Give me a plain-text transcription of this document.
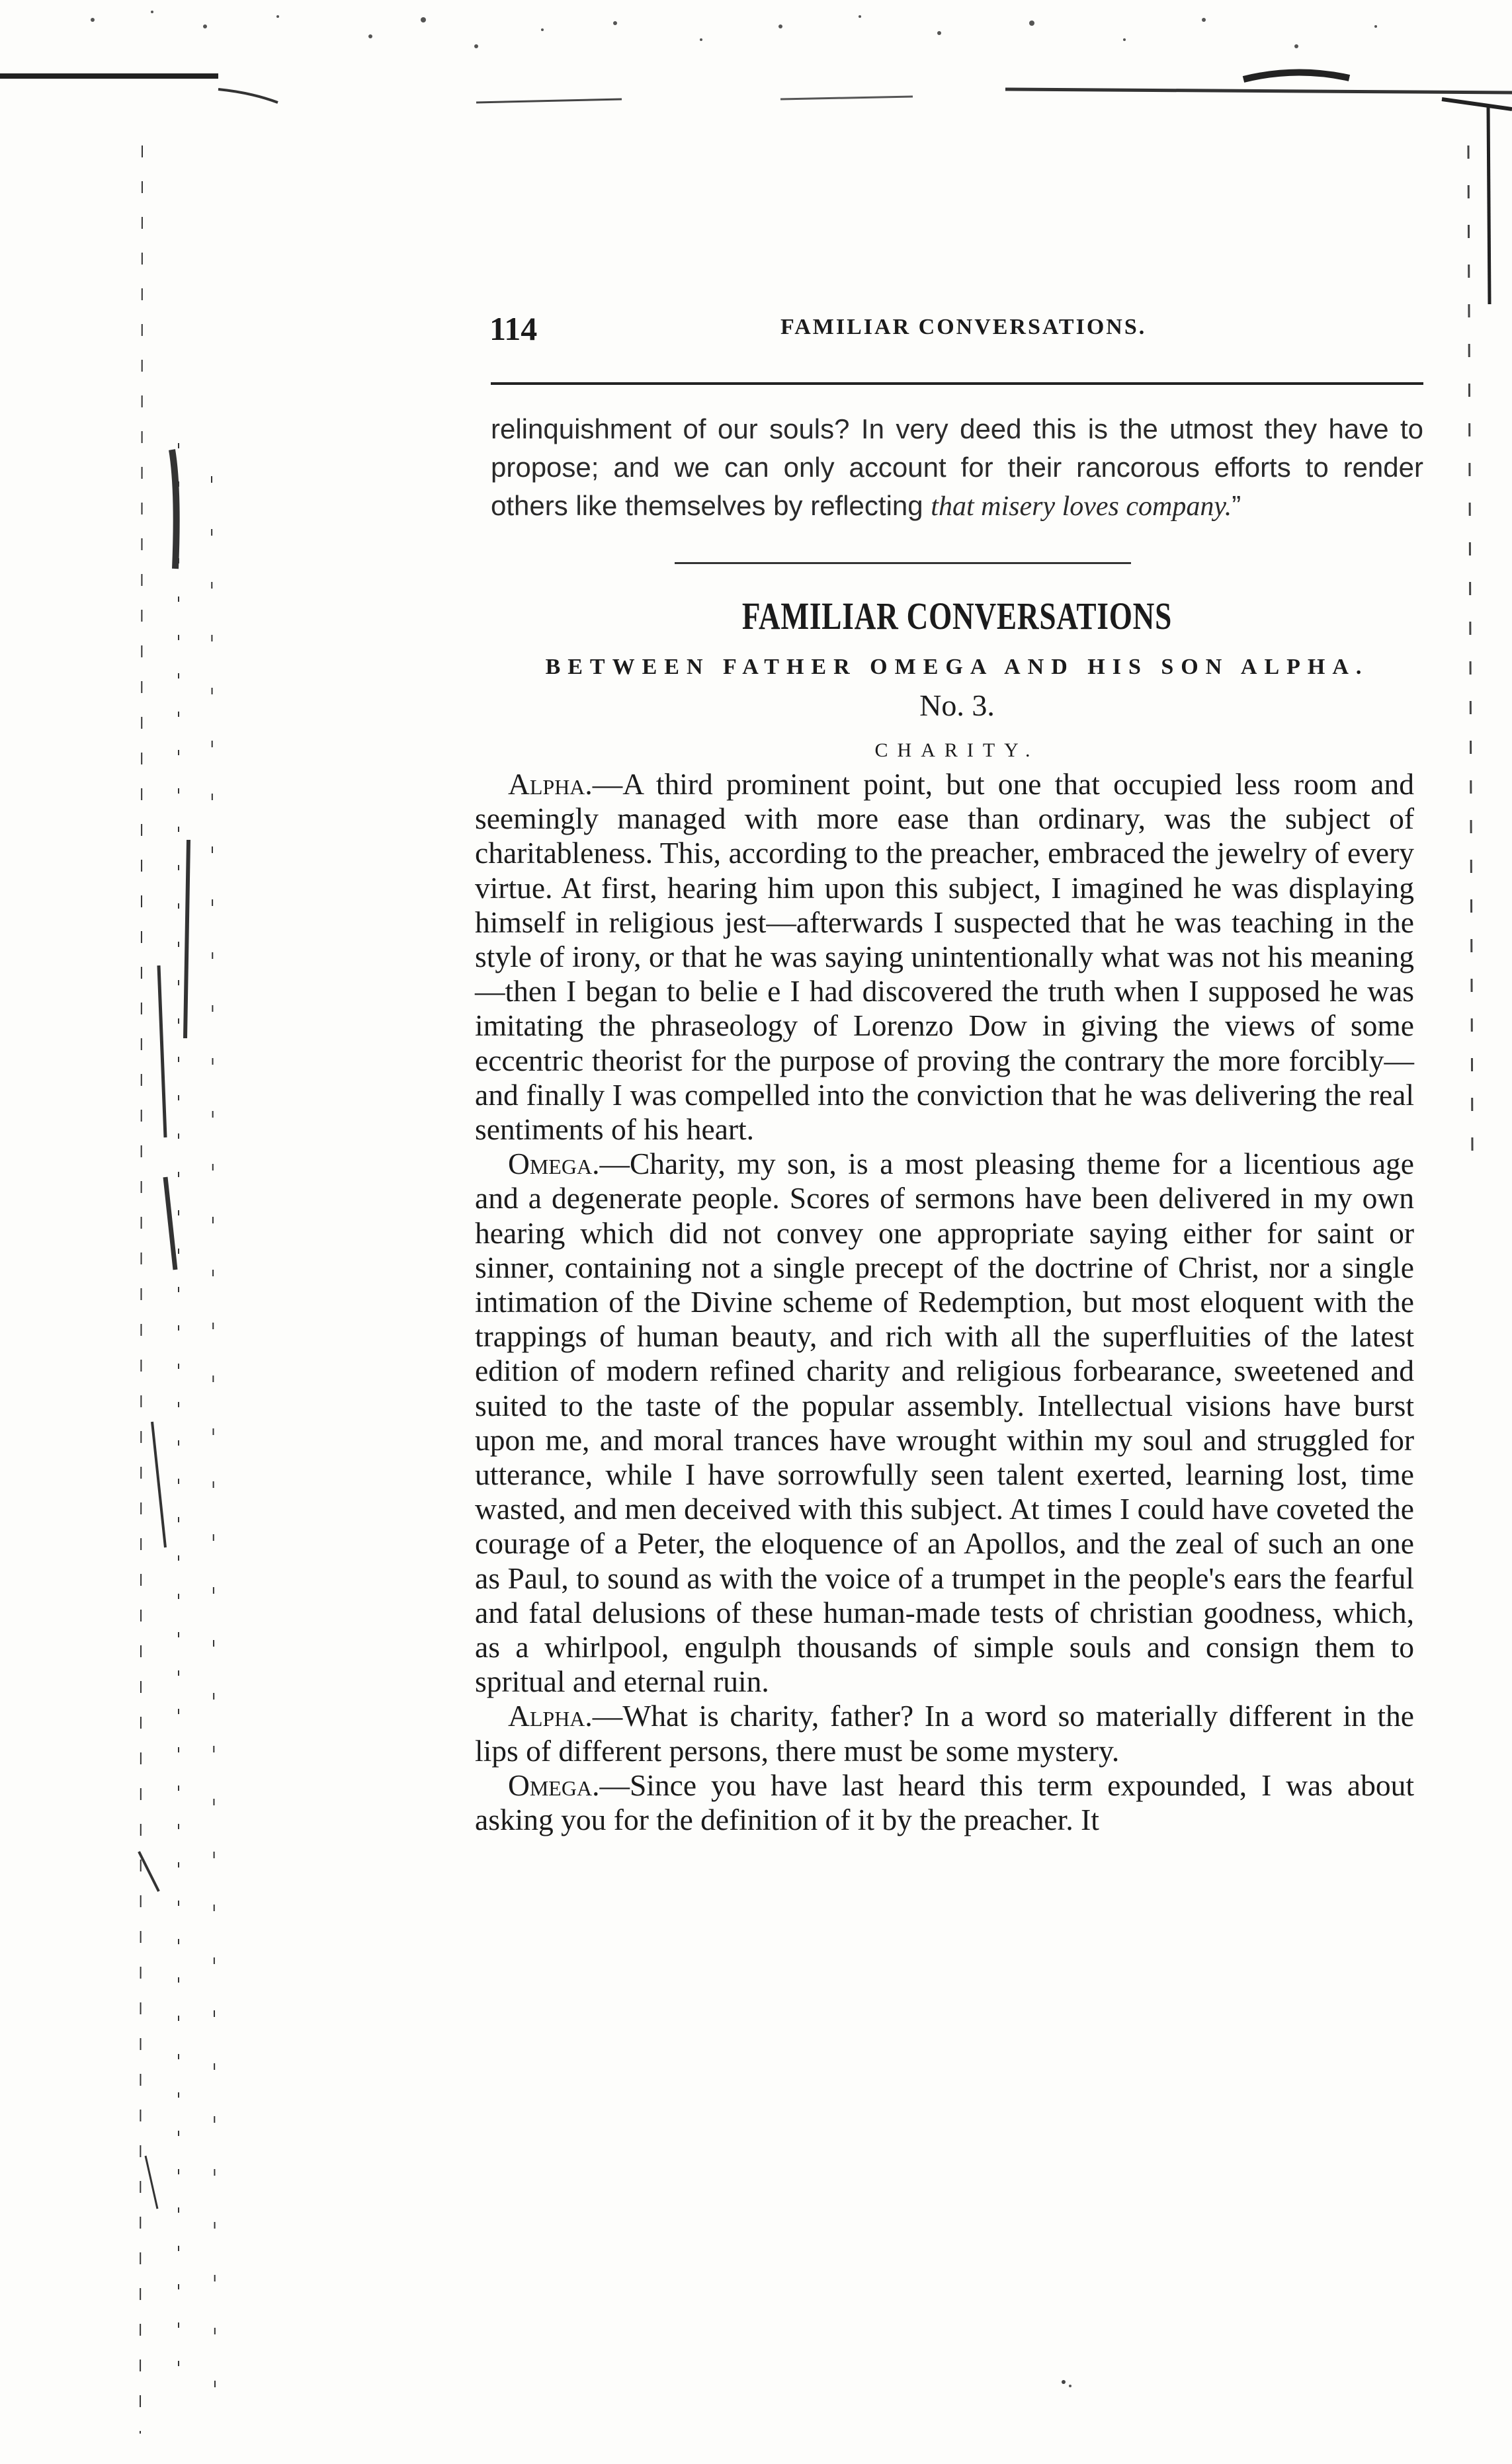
114	FAMILIAR CONVERSATIONS.

relinquishment of our souls? In very deed this is the utmost they have to propose; and we can only account for their rancorous efforts to render others like themselves by reflecting that misery loves company.”

FAMILIAR CONVERSATIONS
BETWEEN FATHER OMEGA AND HIS SON ALPHA.
No. 3.
CHARITY.

Alpha.—A third prominent point, but one that occupied less room and seemingly managed with more ease than ordinary, was the subject of charitableness. This, according to the preacher, embraced the jewelry of every virtue. At first, hearing him upon this subject, I imagined he was displaying himself in religious jest—afterwards I suspected that he was teaching in the style of irony, or that he was saying unintentionally what was not his meaning—then I began to belie e I had discovered the truth when I supposed he was imitating the phraseology of Lorenzo Dow in giving the views of some eccentric theorist for the purpose of proving the contrary the more forcibly—and finally I was compelled into the conviction that he was delivering the real sentiments of his heart.

Omega.—Charity, my son, is a most pleasing theme for a licentious age and a degenerate people. Scores of sermons have been delivered in my own hearing which did not convey one appropriate saying either for saint or sinner, containing not a single precept of the doctrine of Christ, nor a single intimation of the Divine scheme of Redemption, but most eloquent with the trappings of human beauty, and rich with all the superfluities of the latest edition of modern refined charity and religious forbearance, sweetened and suited to the taste of the popular assembly. Intellectual visions have burst upon me, and moral trances have wrought within my soul and struggled for utterance, while I have sorrowfully seen talent exerted, learning lost, time wasted, and men deceived with this subject. At times I could have coveted the courage of a Peter, the eloquence of an Apollos, and the zeal of such an one as Paul, to sound as with the voice of a trumpet in the people's ears the fearful and fatal delusions of these human-made tests of christian goodness, which, as a whirlpool, engulph thousands of simple souls and consign them to spritual and eternal ruin.

Alpha.—What is charity, father? In a word so materially different in the lips of different persons, there must be some mystery.

Omega.—Since you have last heard this term expounded, I was about asking you for the definition of it by the preacher. It
